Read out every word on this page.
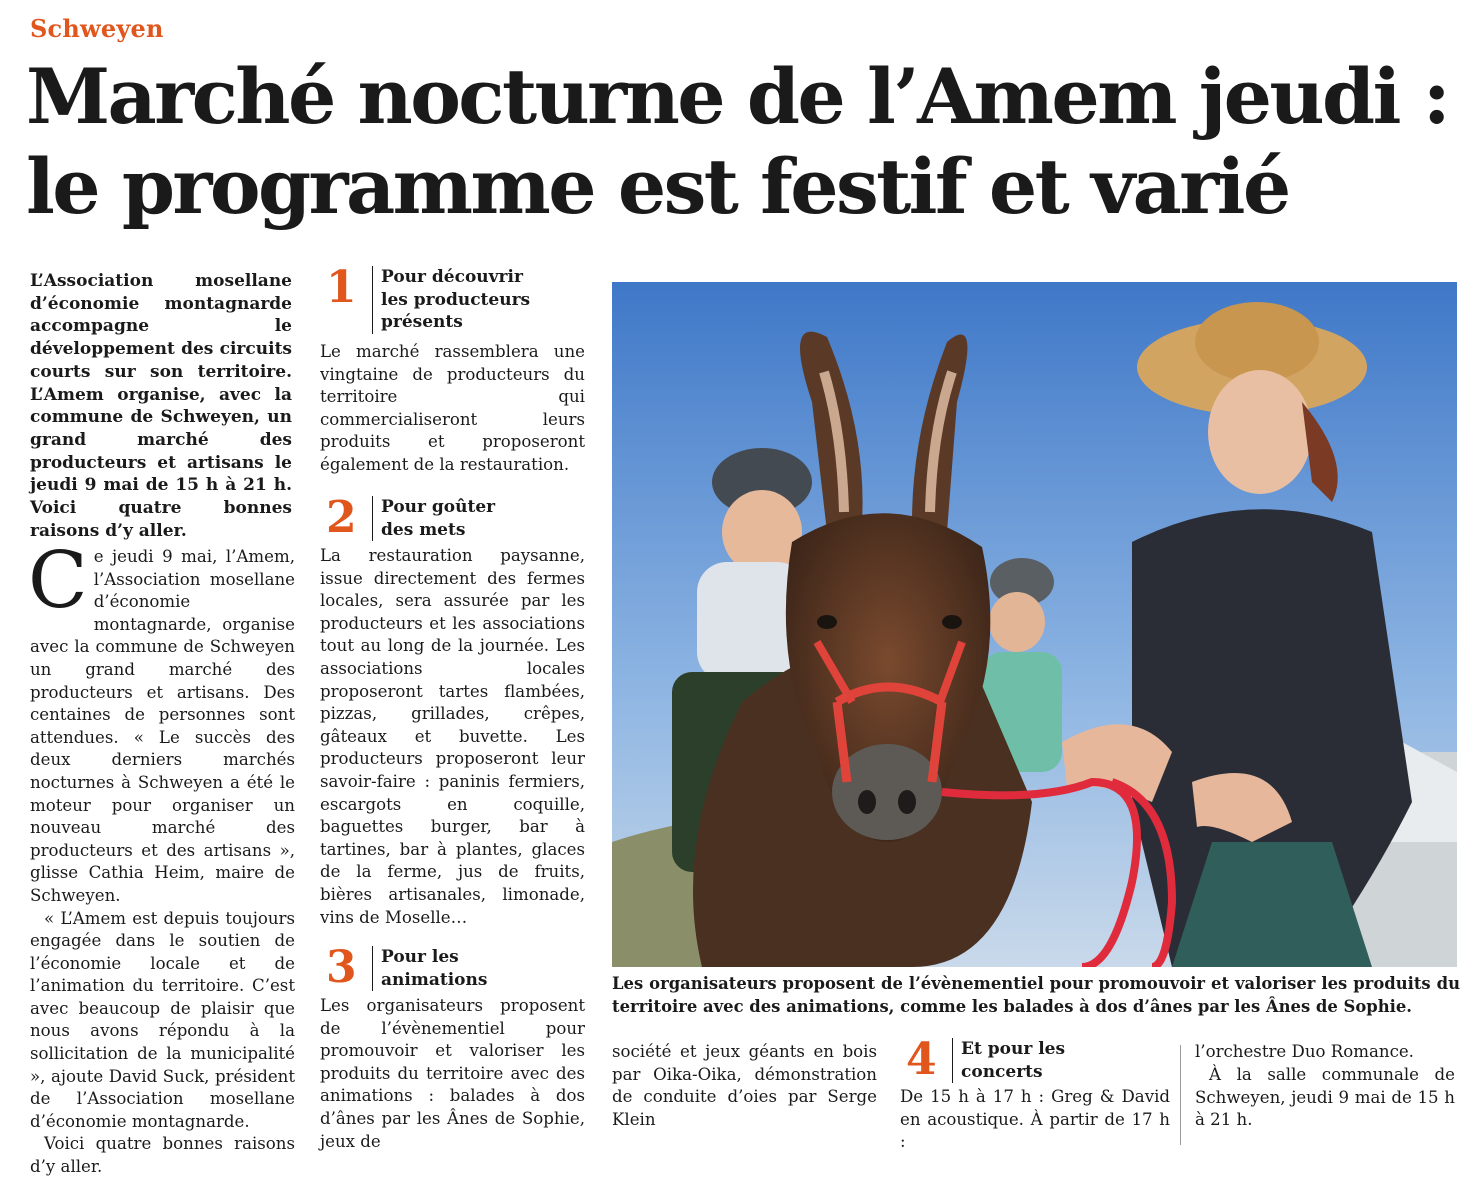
Schweyen
Marché nocturne de l’Amem jeudi :
le programme est festif et varié

L’Association mosellane d’économie montagnarde accompagne le développement des circuits courts sur son territoire. L’Amem organise, avec la commune de Schweyen, un grand marché des producteurs et artisans le jeudi 9 mai de 15 h à 21 h. Voici quatre bonnes raisons d’y aller.

Ce jeudi 9 mai, l’Amem, l’Association mosellane d’économie montagnarde, organise avec la commune de Schweyen un grand marché des producteurs et artisans. Des centaines de personnes sont attendues. « Le succès des deux derniers marchés nocturnes à Schweyen a été le moteur pour organiser un nouveau marché des producteurs et des artisans », glisse Cathia Heim, maire de Schweyen.

« L’Amem est depuis toujours engagée dans le soutien de l’économie locale et de l’animation du territoire. C’est avec beaucoup de plaisir que nous avons répondu à la sollicitation de la municipalité », ajoute David Suck, président de l’Association mosellane d’économie montagnarde.

Voici quatre bonnes raisons d’y aller.

1	Pour découvrir les producteurs présents
Le marché rassemblera une vingtaine de producteurs du territoire qui commercialiseront leurs produits et proposeront également de la restauration.
2	Pour goûter des mets
La restauration paysanne, issue directement des fermes locales, sera assurée par les producteurs et les associations tout au long de la journée. Les associations locales proposeront tartes flambées, pizzas, grillades, crêpes, gâteaux et buvette. Les producteurs proposeront leur savoir-faire : paninis fermiers, escargots en coquille, baguettes burger, bar à tartines, bar à plantes, glaces de la ferme, jus de fruits, bières artisanales, limonade, vins de Moselle…
3	Pour les animations
Les organisateurs proposent de l’évènementiel pour promouvoir et valoriser les produits du territoire avec des animations : balades à dos d’ânes par les Ânes de Sophie, jeux de
Les organisateurs proposent de l’évènementiel pour promouvoir et valoriser les produits du territoire avec des animations, comme les balades à dos d’ânes par les Ânes de Sophie.
société et jeux géants en bois par Oika-Oika, démonstration de conduite d’oies par Serge Klein
4	Et pour les concerts
De 15 h à 17 h : Greg & David en acoustique. À partir de 17 h :
l’orchestre Duo Romance.
À la salle communale de Schweyen, jeudi 9 mai de 15 h à 21 h.
